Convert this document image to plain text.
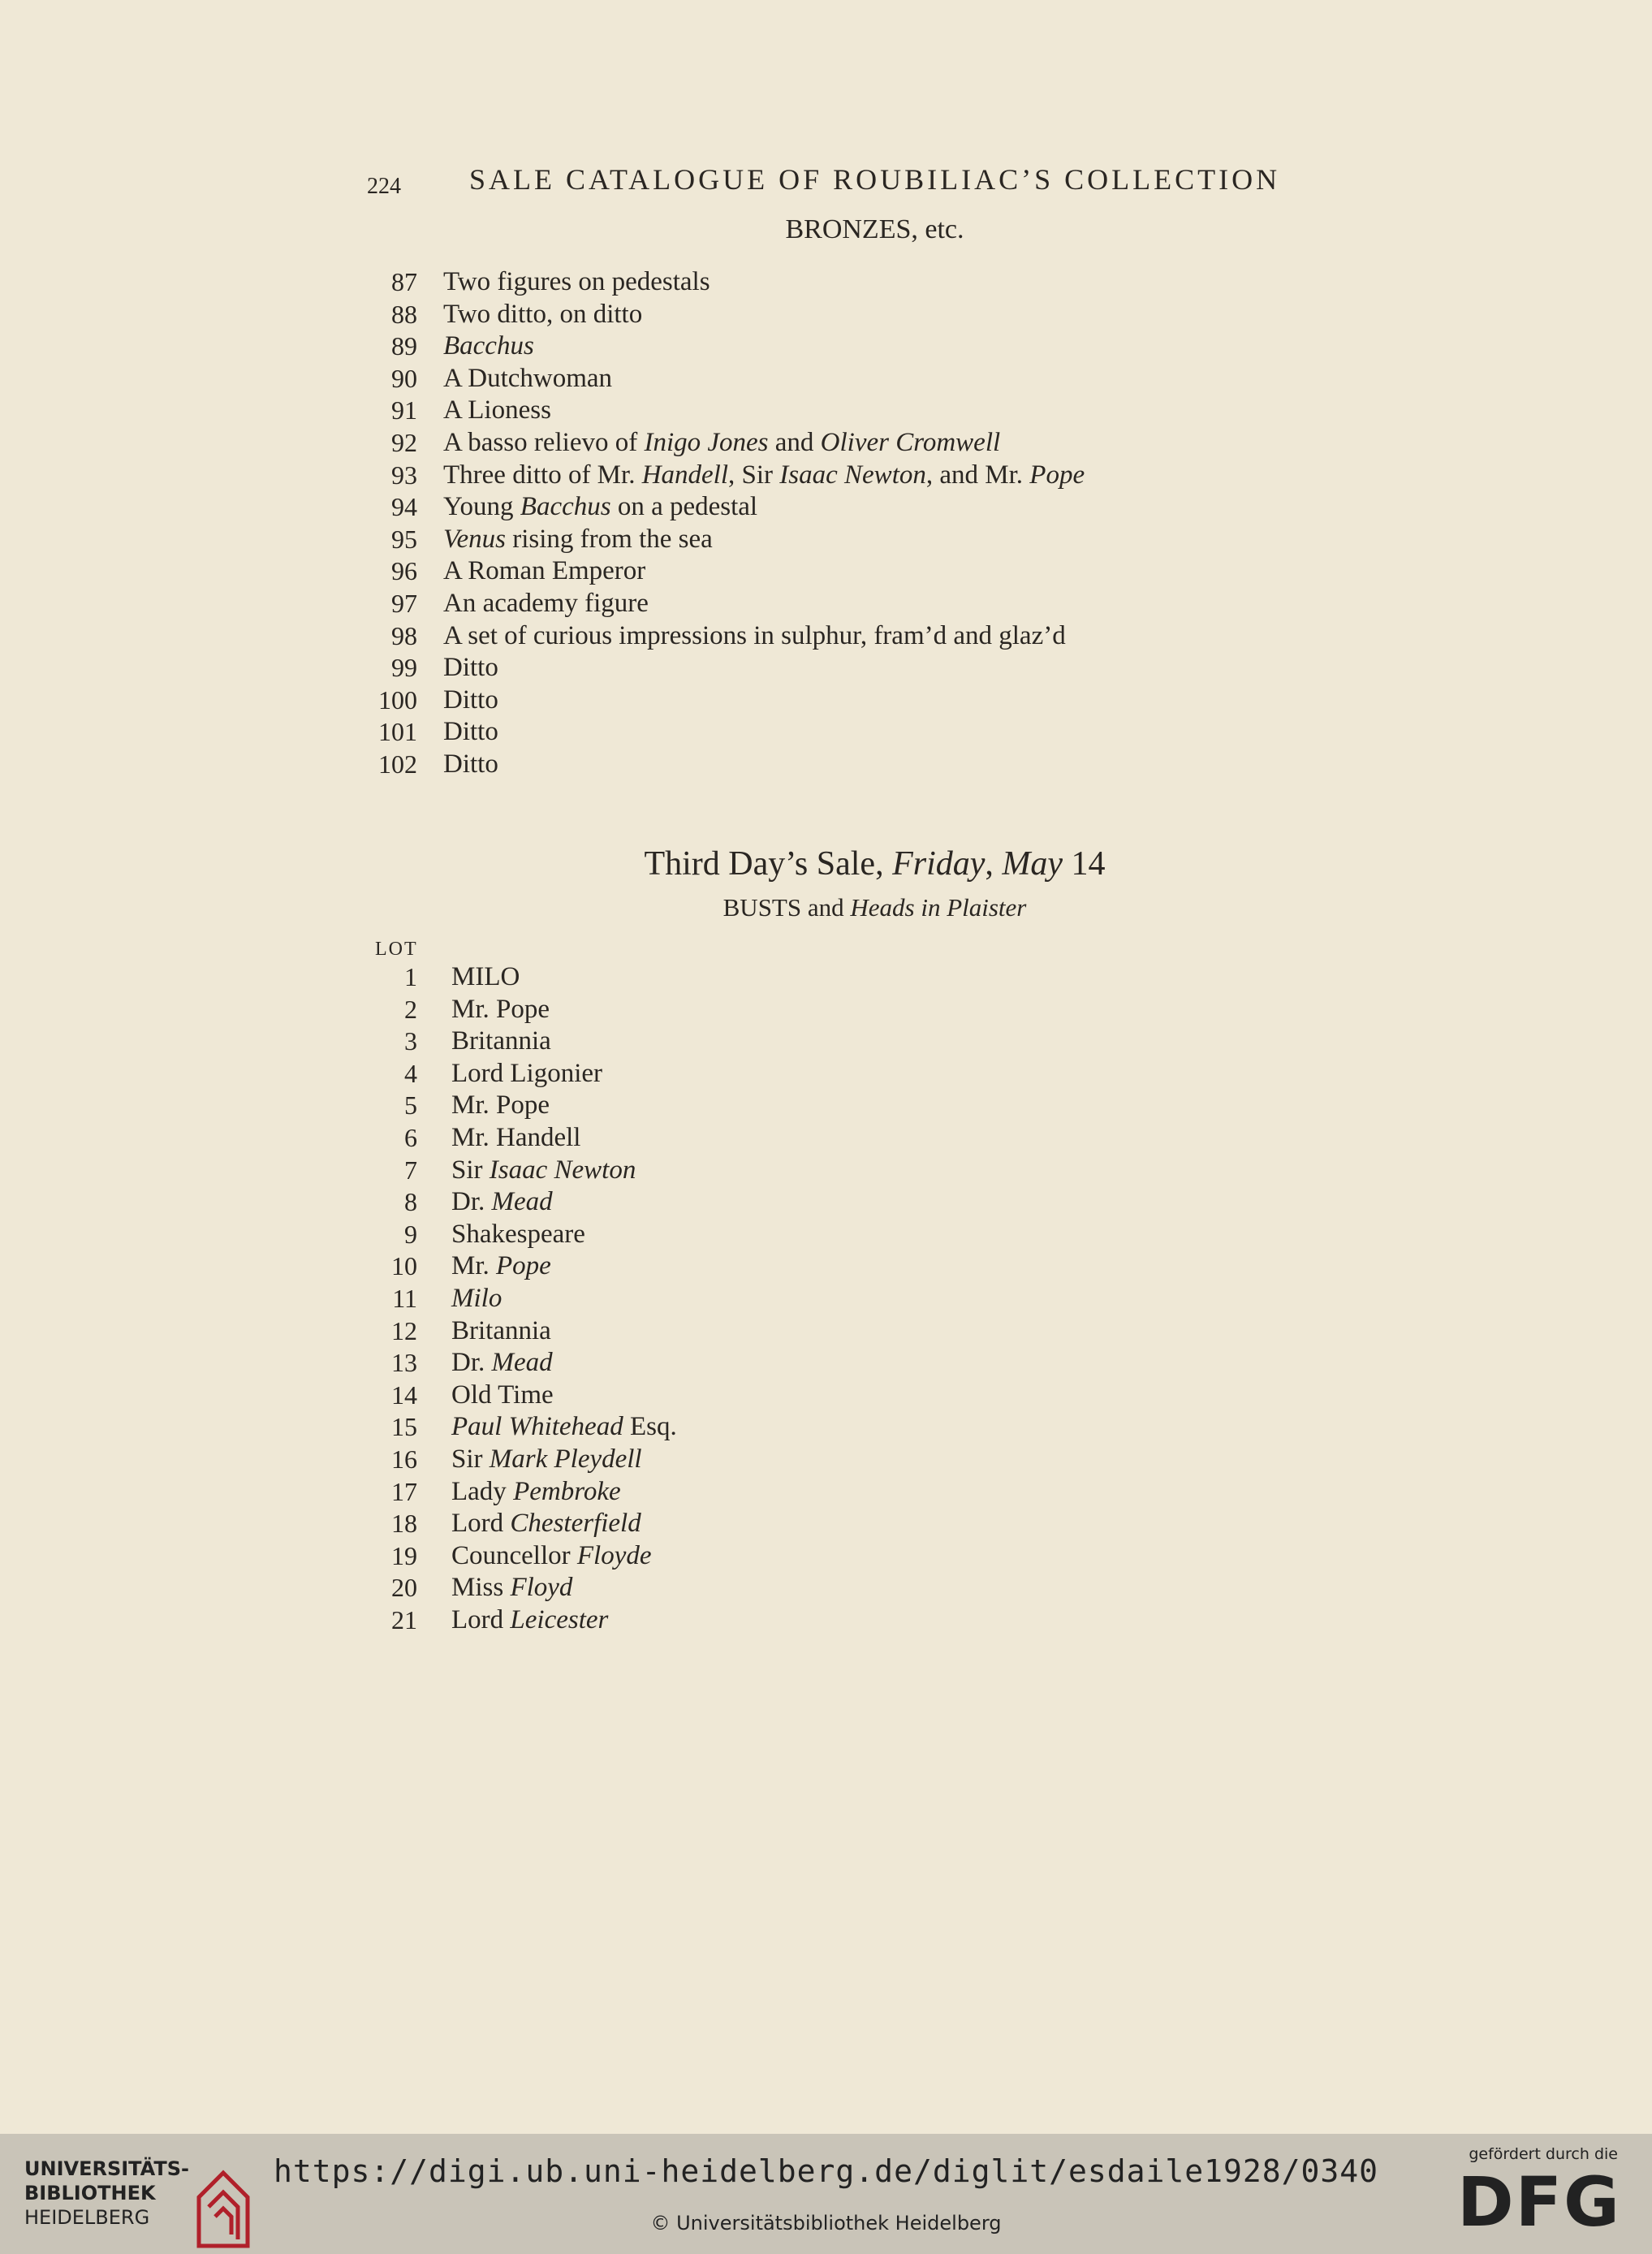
224 SALE CATALOGUE OF ROUBILIAC’S COLLECTION
BRONZES, etc.
87 Two figures on pedestals
88 Two ditto, on ditto
89 Bacchus
90 A Dutchwoman
91 A Lioness
92 A basso relievo of Inigo Jones and Oliver Cromwell
93 Three ditto of Mr. Handell, Sir Isaac Newton, and Mr. Pope
94 Young Bacchus on a pedestal
95 Venus rising from the sea
96 A Roman Emperor
97 An academy figure
98 A set of curious impressions in sulphur, fram’d and glaz’d
99 Ditto
100 Ditto
101 Ditto
102 Ditto
Third Day’s Sale, Friday, May 14
BUSTS and Heads in Plaister
LOT
1 MILO
2 Mr. Pope
3 Britannia
4 Lord Ligonier
5 Mr. Pope
6 Mr. Handell
7 Sir Isaac Newton
8 Dr. Mead
9 Shakespeare
10 Mr. Pope
11 Milo
12 Britannia
13 Dr. Mead
14 Old Time
15 Paul Whitehead Esq.
16 Sir Mark Pleydell
17 Lady Pembroke
18 Lord Chesterfield
19 Councellor Floyde
20 Miss Floyd
21 Lord Leicester
UNIVERSITÄTS-
BIBLIOTHEK
HEIDELBERG
https://digi.ub.uni-heidelberg.de/diglit/esdaile1928/0340
© Universitätsbibliothek Heidelberg
gefördert durch die
DFG
